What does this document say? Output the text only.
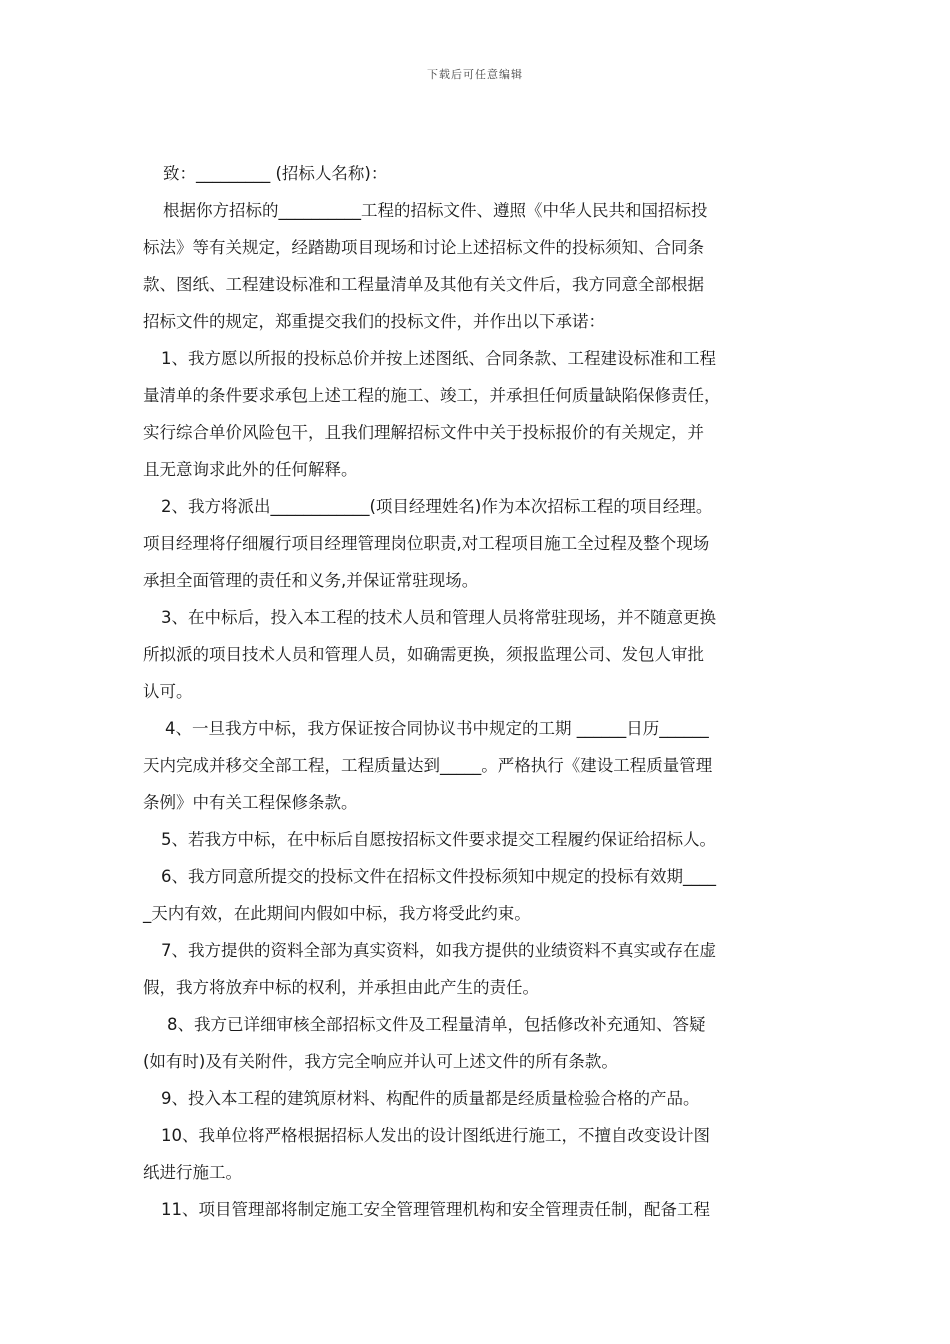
下载后可任意编辑
致：_________ (招标人名称)：
根据你方招标的__________工程的招标文件、遵照《中华人民共和国招标投
标法》等有关规定，经踏勘项目现场和讨论上述招标文件的投标须知、合同条
款、图纸、工程建设标准和工程量清单及其他有关文件后，我方同意全部根据
招标文件的规定，郑重提交我们的投标文件，并作出以下承诺：
1、我方愿以所报的投标总价并按上述图纸、合同条款、工程建设标准和工程
量清单的条件要求承包上述工程的施工、竣工，并承担任何质量缺陷保修责任，
实行综合单价风险包干，且我们理解招标文件中关于投标报价的有关规定，并
且无意询求此外的任何解释。
2、我方将派出____________(项目经理姓名)作为本次招标工程的项目经理。
项目经理将仔细履行项目经理管理岗位职责,对工程项目施工全过程及整个现场
承担全面管理的责任和义务,并保证常驻现场。
3、在中标后，投入本工程的技术人员和管理人员将常驻现场，并不随意更换
所拟派的项目技术人员和管理人员，如确需更换，须报监理公司、发包人审批
认可。
4、一旦我方中标，我方保证按合同协议书中规定的工期 ______日历______
天内完成并移交全部工程，工程质量达到_____。严格执行《建设工程质量管理
条例》中有关工程保修条款。
5、若我方中标，在中标后自愿按招标文件要求提交工程履约保证给招标人。
6、我方同意所提交的投标文件在招标文件投标须知中规定的投标有效期____
_天内有效，在此期间内假如中标，我方将受此约束。
7、我方提供的资料全部为真实资料，如我方提供的业绩资料不真实或存在虚
假，我方将放弃中标的权利，并承担由此产生的责任。
8、我方已详细审核全部招标文件及工程量清单，包括修改补充通知、答疑
(如有时)及有关附件，我方完全响应并认可上述文件的所有条款。
9、投入本工程的建筑原材料、构配件的质量都是经质量检验合格的产品。
10、我单位将严格根据招标人发出的设计图纸进行施工，不擅自改变设计图
纸进行施工。
11、项目管理部将制定施工安全管理管理机构和安全管理责任制，配备工程
